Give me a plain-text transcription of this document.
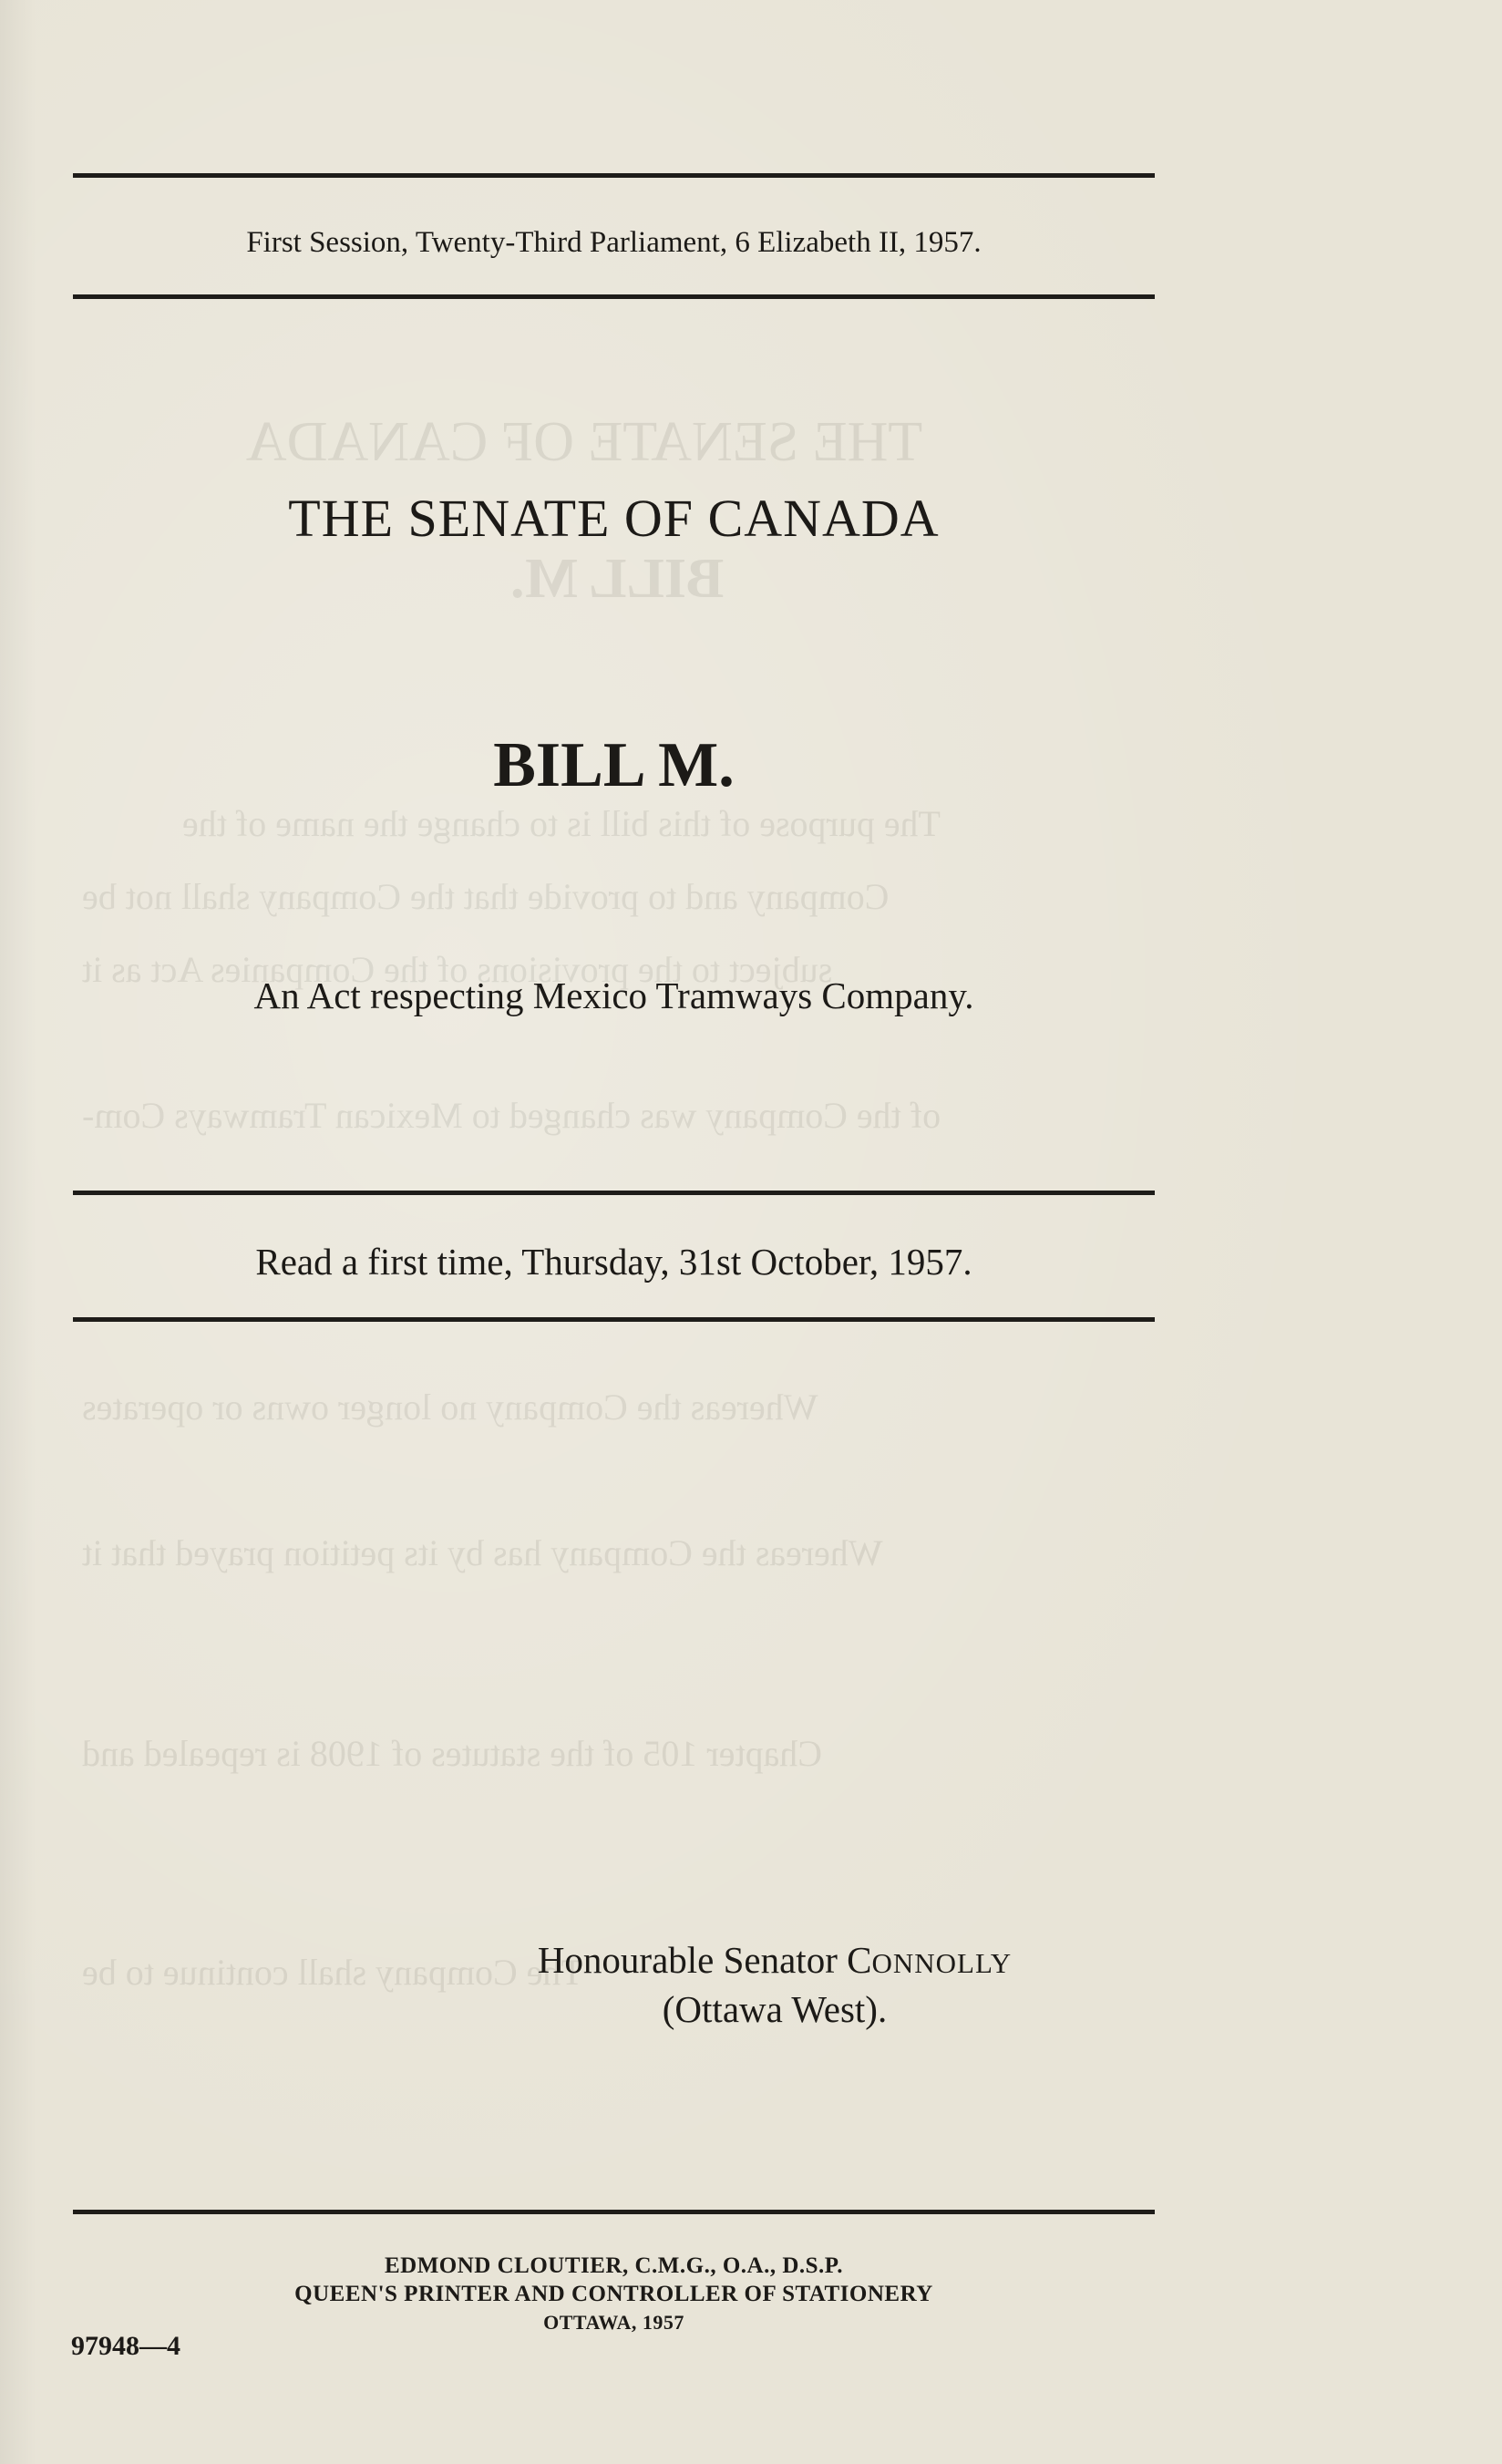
THE SENATE OF CANADA
BILL M.
The purpose of this bill is to change the name of the
Company and to provide that the Company shall not be
subject to the provisions of the Companies Act as it
of the Company was changed to Mexican Tramways Com-
Whereas the Company no longer owns or operates
Whereas the Company has by its petition prayed that it
Chapter 105 of the statutes of 1908 is repealed and
The Company shall continue to be
First Session, Twenty-Third Parliament, 6 Elizabeth II, 1957.
THE SENATE OF CANADA
BILL M.
An Act respecting Mexico Tramways Company.
Read a first time, Thursday, 31st October, 1957.
Honourable Senator CONNOLLY
(Ottawa West).
EDMOND CLOUTIER, C.M.G., O.A., D.S.P.
QUEEN'S PRINTER AND CONTROLLER OF STATIONERY
OTTAWA, 1957
97948—4
